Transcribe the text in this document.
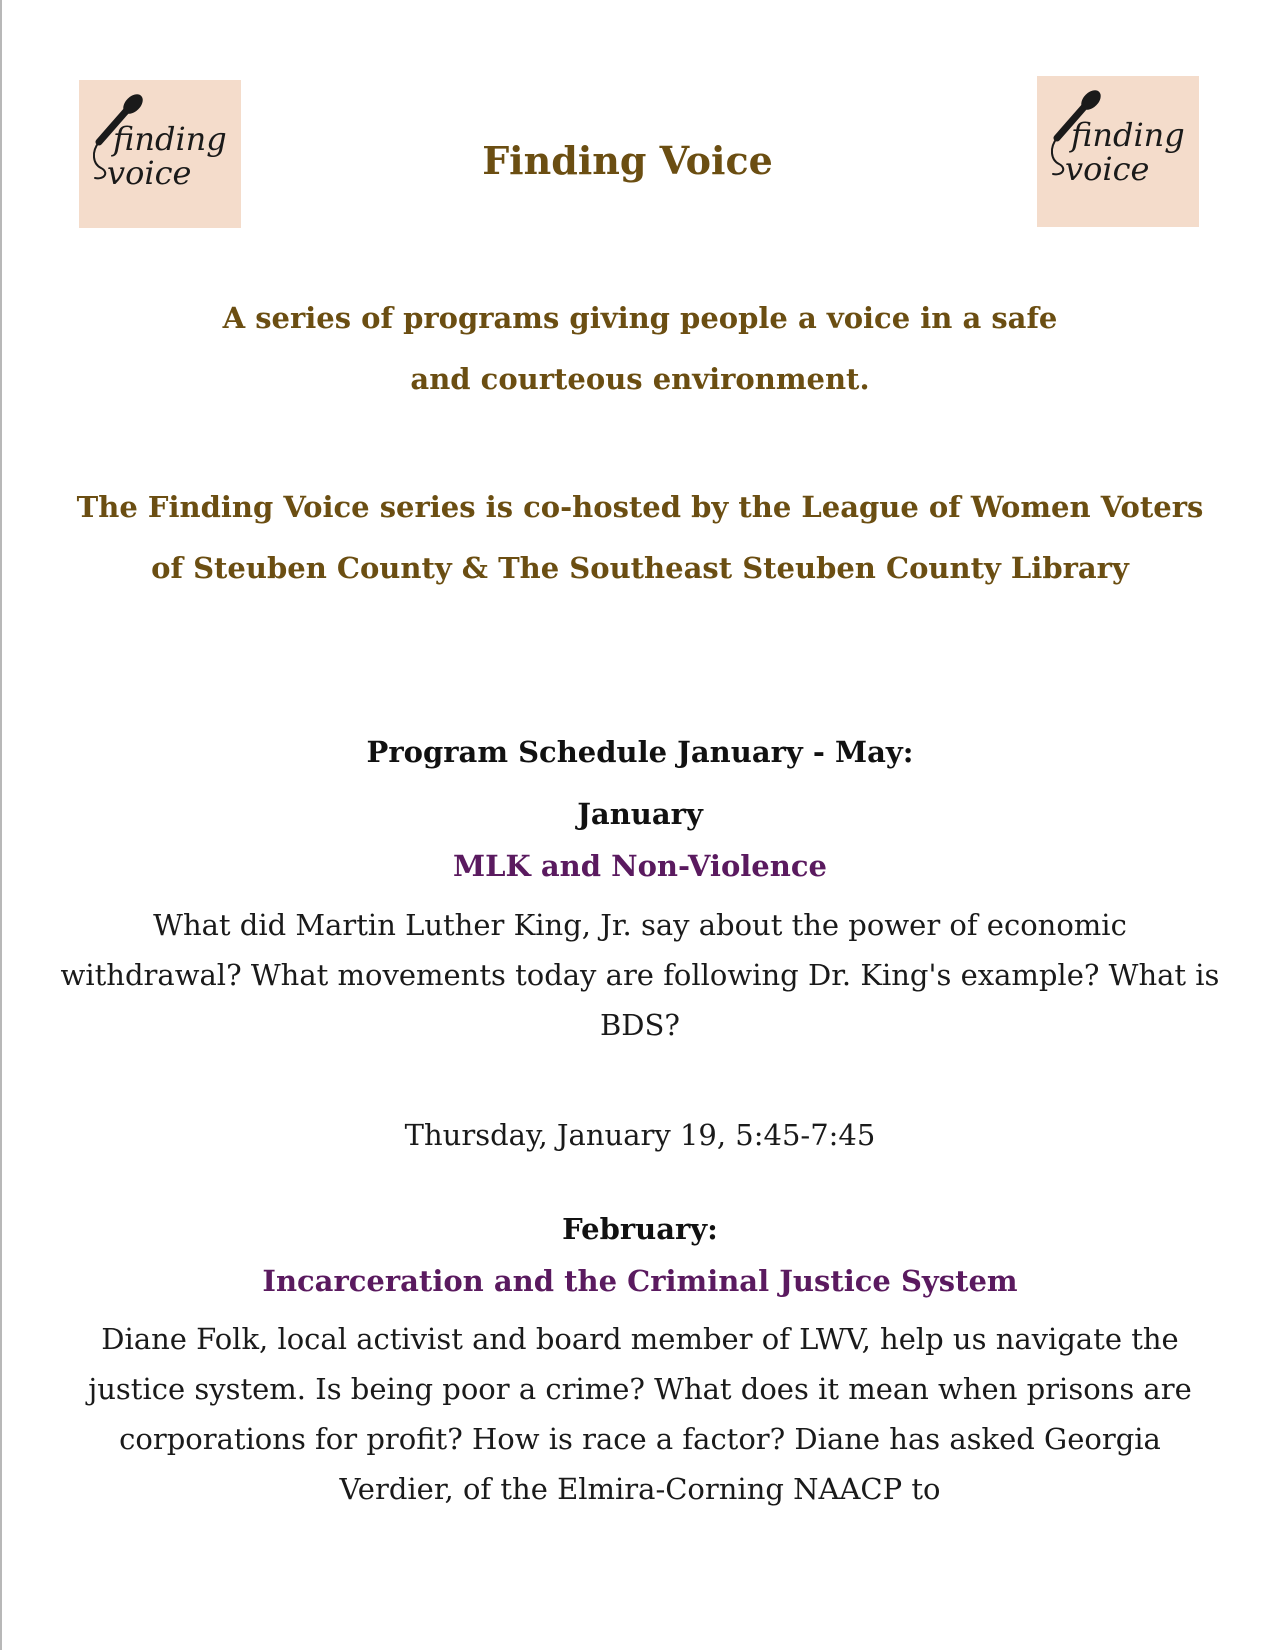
finding
voice
finding
voice
Finding Voice

A series of programs giving people a voice in a safe and courteous environment.

The Finding Voice series is co-hosted by the League of Women Voters of Steuben County & The Southeast Steuben County Library

Program Schedule January - May:

January

MLK and Non-Violence

What did Martin Luther King, Jr. say about the power of economic withdrawal? What movements today are following Dr. King's example? What is BDS?

Thursday, January 19, 5:45-7:45

February:

Incarceration and the Criminal Justice System

Diane Folk, local activist and board member of LWV, help us navigate the justice system. Is being poor a crime? What does it mean when prisons are corporations for profit? How is race a factor? Diane has asked Georgia Verdier, of the Elmira-Corning NAACP to
